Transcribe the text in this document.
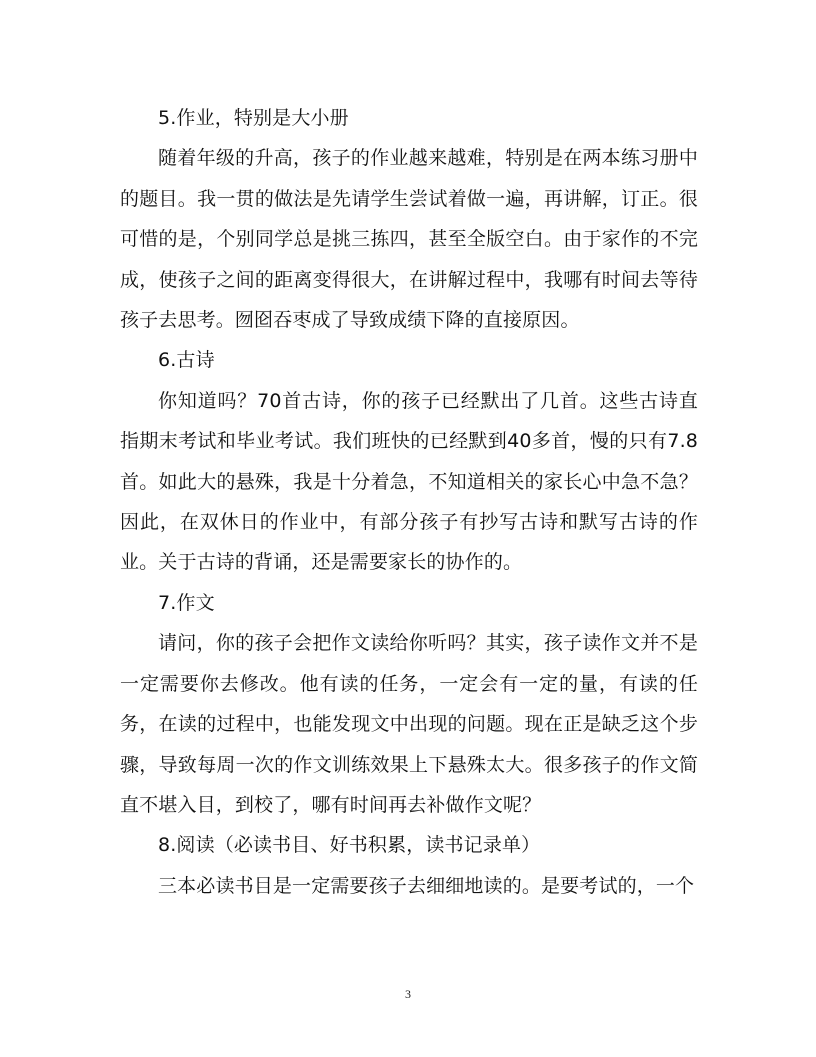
5.作业，特别是大小册

随着年级的升高，孩子的作业越来越难，特别是在两本练习册中的题目。我一贯的做法是先请学生尝试着做一遍，再讲解，订正。很可惜的是，个别同学总是挑三拣四，甚至全版空白。由于家作的不完成，使孩子之间的距离变得很大，在讲解过程中，我哪有时间去等待孩子去思考。囫囵吞枣成了导致成绩下降的直接原因。

6.古诗

你知道吗？70首古诗，你的孩子已经默出了几首。这些古诗直指期末考试和毕业考试。我们班快的已经默到40多首，慢的只有7.8首。如此大的悬殊，我是十分着急，不知道相关的家长心中急不急？因此，在双休日的作业中，有部分孩子有抄写古诗和默写古诗的作业。关于古诗的背诵，还是需要家长的协作的。

7.作文

请问，你的孩子会把作文读给你听吗？其实，孩子读作文并不是一定需要你去修改。他有读的任务，一定会有一定的量，有读的任务，在读的过程中，也能发现文中出现的问题。现在正是缺乏这个步骤，导致每周一次的作文训练效果上下悬殊太大。很多孩子的作文简直不堪入目，到校了，哪有时间再去补做作文呢？

8.阅读（必读书目、好书积累，读书记录单）

三本必读书目是一定需要孩子去细细地读的。是要考试的，一个

3
